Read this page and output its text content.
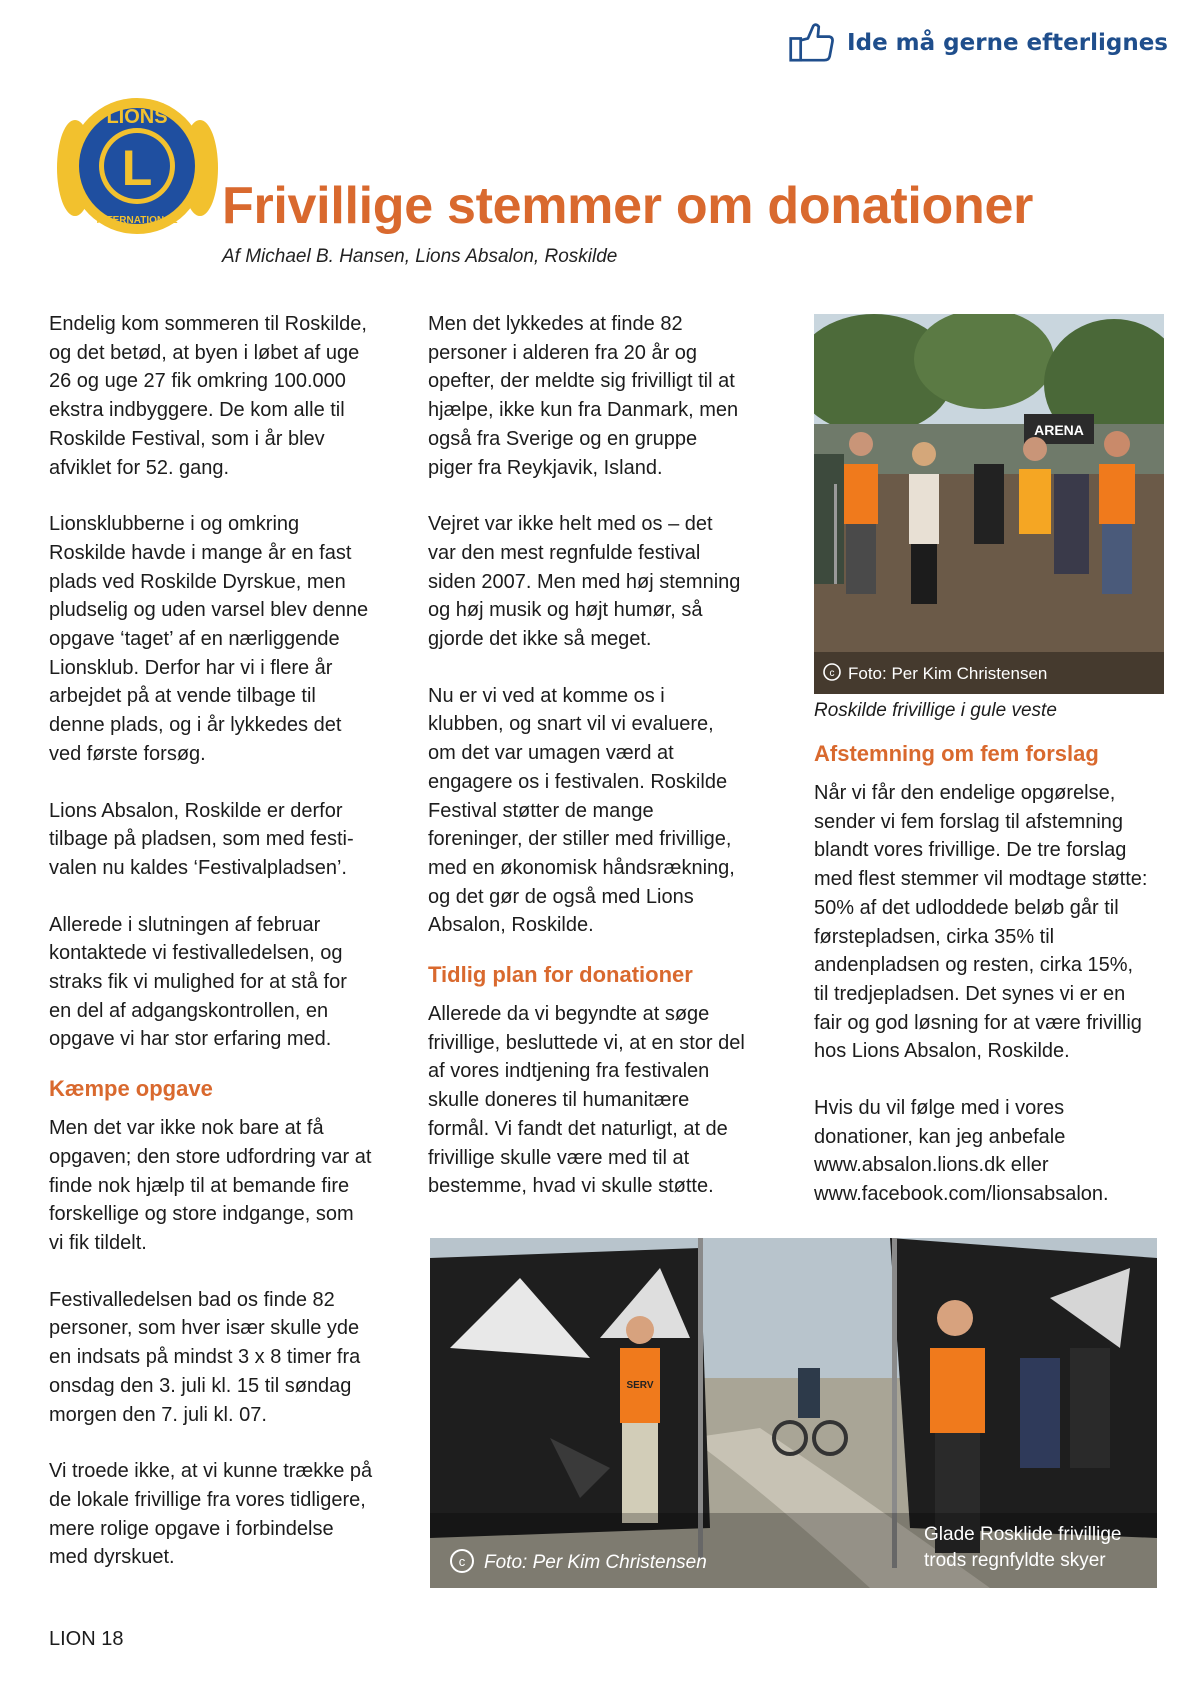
Ide må gerne efterlignes
L
LIONS
INTERNATIONAL Frivillige stemmer om donationer
Af Michael B. Hansen, Lions Absalon, Roskilde

Endelig kom sommeren til Roskilde,
og det betød, at byen i løbet af uge
26 og uge 27 fik omkring 100.000
ekstra indbyggere. De kom alle til
Roskilde Festival, som i år blev
afviklet for 52. gang.

Lionsklubberne i og omkring
Roskilde havde i mange år en fast
plads ved Roskilde Dyrskue, men
pludselig og uden varsel blev denne
opgave ‘taget’ af en nærliggende
Lionsklub. Derfor har vi i flere år
arbejdet på at vende tilbage til
denne plads, og i år lykkedes det
ved første forsøg.

Lions Absalon, Roskilde er derfor
tilbage på pladsen, som med festi-
valen nu kaldes ‘Festivalpladsen’.

Allerede i slutningen af februar
kontaktede vi festivalledelsen, og
straks fik vi mulighed for at stå for
en del af adgangskontrollen, en
opgave vi har stor erfaring med.

Kæmpe opgave

Men det var ikke nok bare at få
opgaven; den store udfordring var at
finde nok hjælp til at bemande fire
forskellige og store indgange, som
vi fik tildelt.

Festivalledelsen bad os finde 82
personer, som hver især skulle yde
en indsats på mindst 3 x 8 timer fra
onsdag den 3. juli kl. 15 til søndag
morgen den 7. juli kl. 07.

Vi troede ikke, at vi kunne trække på
de lokale frivillige fra vores tidligere,
mere rolige opgave i forbindelse
med dyrskuet.

Men det lykkedes at finde 82
personer i alderen fra 20 år og
opefter, der meldte sig frivilligt til at
hjælpe, ikke kun fra Danmark, men
også fra Sverige og en gruppe
piger fra Reykjavik, Island.

Vejret var ikke helt med os – det
var den mest regnfulde festival
siden 2007. Men med høj stemning
og høj musik og højt humør, så
gjorde det ikke så meget.

Nu er vi ved at komme os i
klubben, og snart vil vi evaluere,
om det var umagen værd at
engagere os i festivalen. Roskilde
Festival støtter de mange
foreninger, der stiller med frivillige,
med en økonomisk håndsrækning,
og det gør de også med Lions
Absalon, Roskilde.

Tidlig plan for donationer

Allerede da vi begyndte at søge
frivillige, besluttede vi, at en stor del
af vores indtjening fra festivalen
skulle doneres til humanitære
formål. Vi fandt det naturligt, at de
frivillige skulle være med til at
bestemme, hvad vi skulle støtte.

ARENA
c Foto: Per Kim Christensen
Roskilde frivillige i gule veste
Afstemning om fem forslag

Når vi får den endelige opgørelse,
sender vi fem forslag til afstemning
blandt vores frivillige. De tre forslag
med flest stemmer vil modtage støtte:
50% af det udloddede beløb går til
førstepladsen, cirka 35% til
andenpladsen og resten, cirka 15%,
til tredjepladsen. Det synes vi er en
fair og god løsning for at være frivillig
hos Lions Absalon, Roskilde.

Hvis du vil følge med i vores
donationer, kan jeg anbefale
www.absalon.lions.dk eller
www.facebook.com/lionsabsalon.

SERV
c Foto: Per Kim Christensen
Glade Rosklide frivillige
trods regnfyldte skyer
LION 18
